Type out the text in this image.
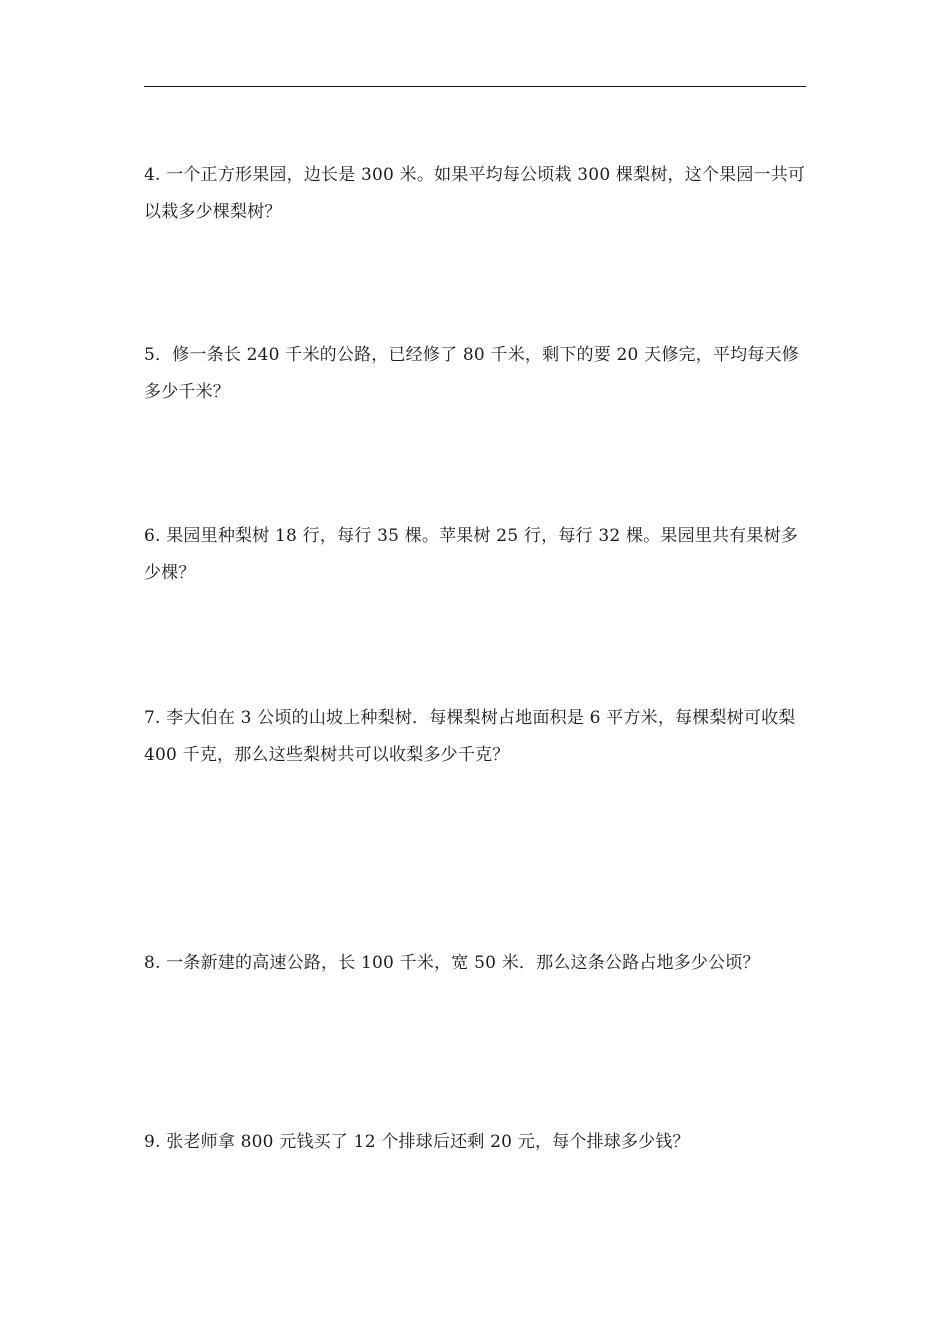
4. 一个正方形果园，边长是 300 米。如果平均每公顷栽 300 棵梨树，这个果园一共可以栽多少棵梨树？
5．修一条长 240 千米的公路，已经修了 80 千米，剩下的要 20 天修完，平均每天修多少千米？
6. 果园里种梨树 18 行，每行 35 棵。苹果树 25 行，每行 32 棵。果园里共有果树多少棵？
7. 李大伯在 3 公顷的山坡上种梨树．每棵梨树占地面积是 6 平方米，每棵梨树可收梨 400 千克，那么这些梨树共可以收梨多少千克？
8. 一条新建的高速公路，长 100 千米，宽 50 米．那么这条公路占地多少公顷？
9. 张老师拿 800 元钱买了 12 个排球后还剩 20 元，每个排球多少钱？
